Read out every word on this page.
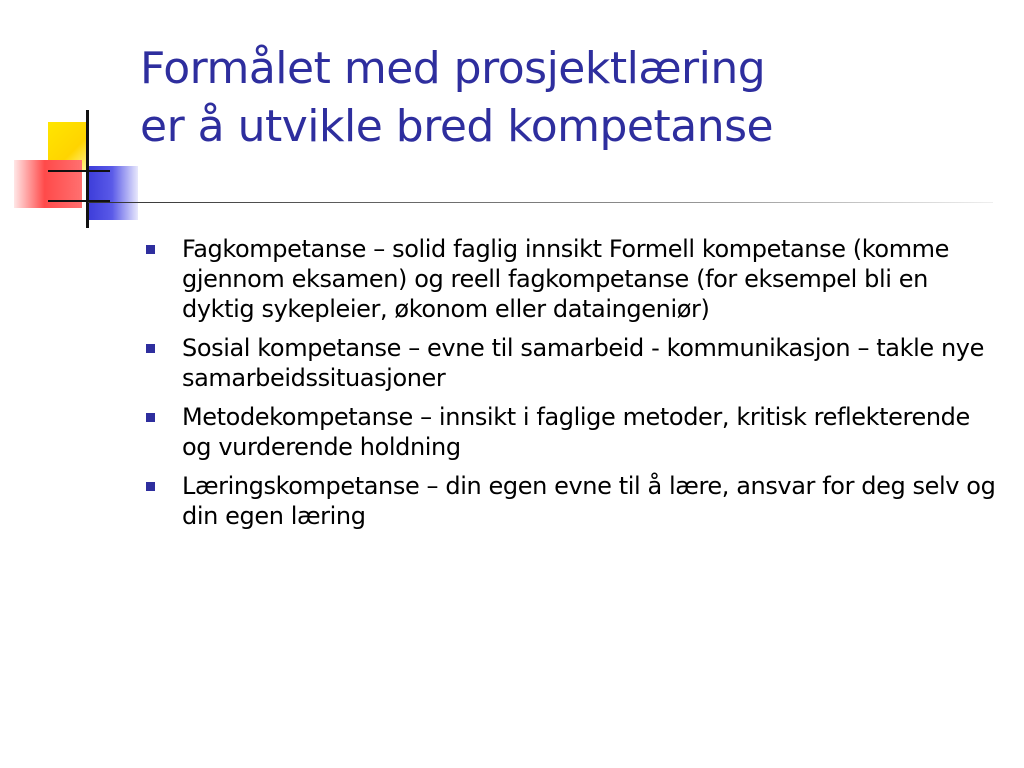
Formålet med prosjektlæring
er å utvikle bred kompetanse
Fagkompetanse – solid faglig innsikt Formell kompetanse (komme gjennom eksamen) og reell fagkompetanse (for eksempel bli en dyktig sykepleier, økonom eller dataingeniør)
Sosial kompetanse – evne til samarbeid - kommunikasjon – takle nye samarbeidssituasjoner
Metodekompetanse – innsikt i faglige metoder, kritisk reflekterende og vurderende holdning
Læringskompetanse – din egen evne til å lære, ansvar for deg selv og din egen læring
